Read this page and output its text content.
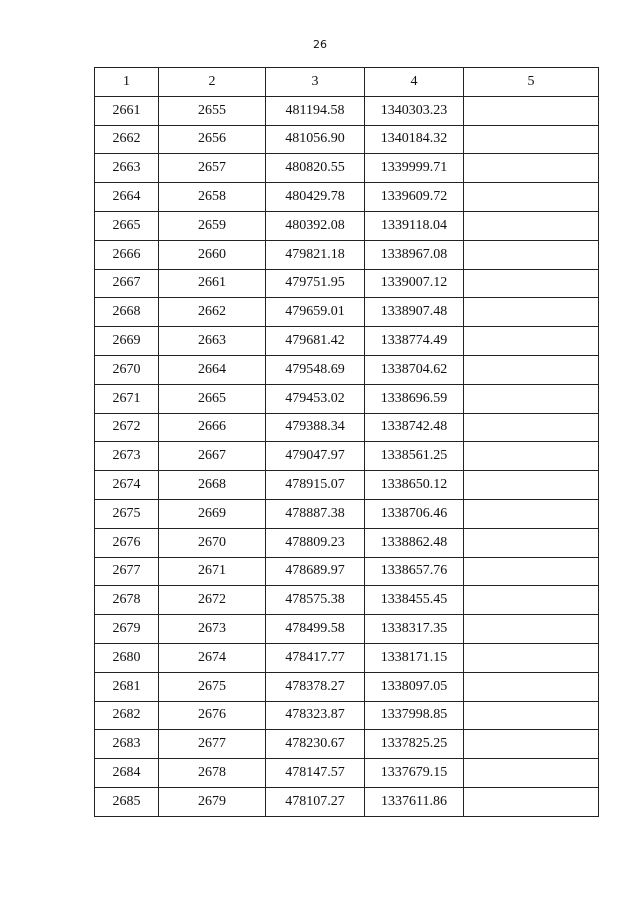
26
1	2	3	4	5
2661	2655	481194.58	1340303.23	
2662	2656	481056.90	1340184.32	
2663	2657	480820.55	1339999.71	
2664	2658	480429.78	1339609.72	
2665	2659	480392.08	1339118.04	
2666	2660	479821.18	1338967.08	
2667	2661	479751.95	1339007.12	
2668	2662	479659.01	1338907.48	
2669	2663	479681.42	1338774.49	
2670	2664	479548.69	1338704.62	
2671	2665	479453.02	1338696.59	
2672	2666	479388.34	1338742.48	
2673	2667	479047.97	1338561.25	
2674	2668	478915.07	1338650.12	
2675	2669	478887.38	1338706.46	
2676	2670	478809.23	1338862.48	
2677	2671	478689.97	1338657.76	
2678	2672	478575.38	1338455.45	
2679	2673	478499.58	1338317.35	
2680	2674	478417.77	1338171.15	
2681	2675	478378.27	1338097.05	
2682	2676	478323.87	1337998.85	
2683	2677	478230.67	1337825.25	
2684	2678	478147.57	1337679.15	
2685	2679	478107.27	1337611.86	
